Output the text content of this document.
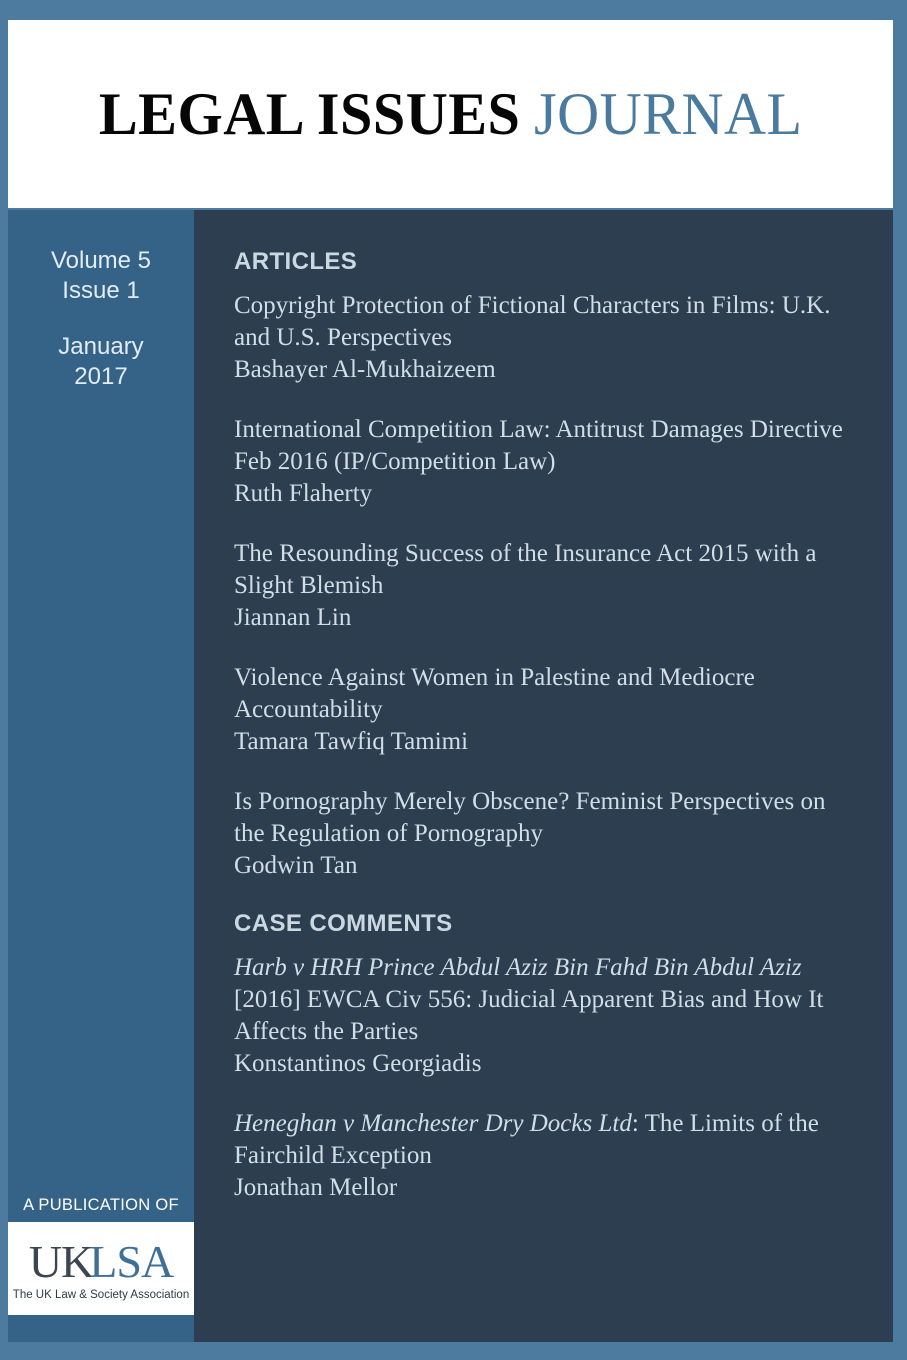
LEGAL ISSUES JOURNAL
Volume 5
Issue 1
January
2017
A PUBLICATION OF
UKLSA
The UK Law & Society Association
ARTICLES
Copyright Protection of Fictional Characters in Films: U.K. and U.S. Perspectives
Bashayer Al-Mukhaizeem
International Competition Law: Antitrust Damages Directive Feb 2016 (IP/Competition Law)
Ruth Flaherty
The Resounding Success of the Insurance Act 2015 with a Slight Blemish
Jiannan Lin
Violence Against Women in Palestine and Mediocre Accountability
Tamara Tawfiq Tamimi
Is Pornography Merely Obscene? Feminist Perspectives on the Regulation of Pornography
Godwin Tan
CASE COMMENTS
Harb v HRH Prince Abdul Aziz Bin Fahd Bin Abdul Aziz [2016] EWCA Civ 556: Judicial Apparent Bias and How It Affects the Parties
Konstantinos Georgiadis
Heneghan v Manchester Dry Docks Ltd: The Limits of the Fairchild Exception
Jonathan Mellor
